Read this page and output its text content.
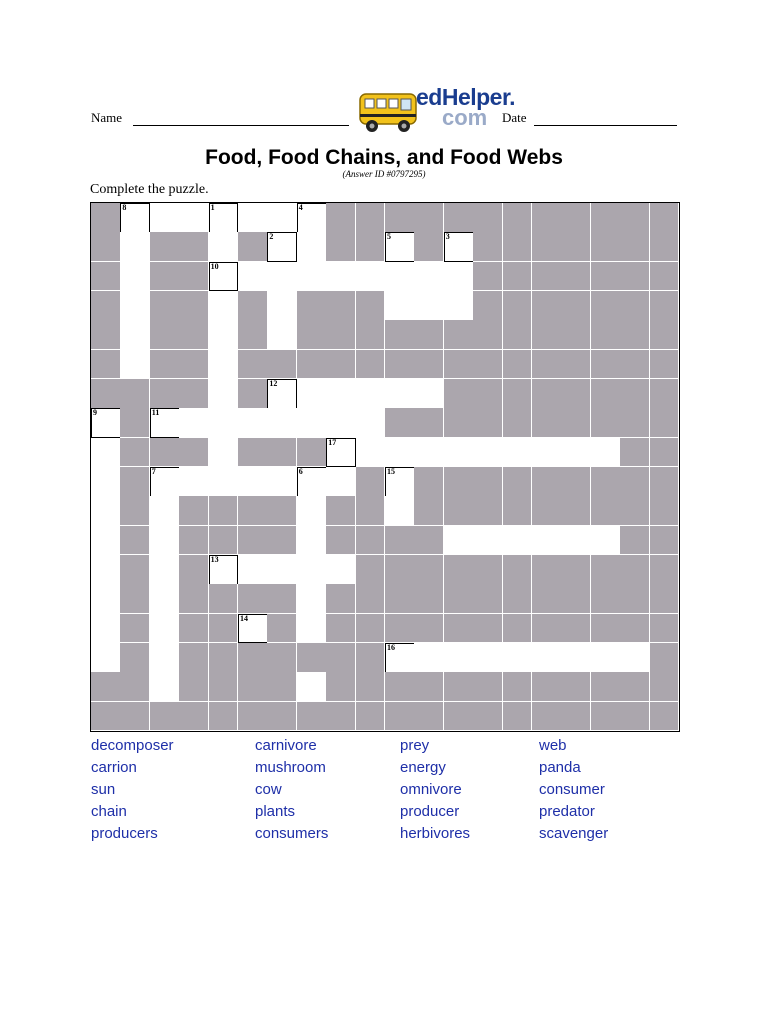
Name
edHelper.
com Date
Food, Food Chains, and Food Webs
(Answer ID #0797295)
Complete the puzzle.
8	1	4
2	5	3
10
12
9	11
17
7	6	15
13
14
16
decomposer
carrion
sun
chain
producers
carnivore
mushroom
cow
plants
consumers
prey
energy
omnivore
producer
herbivores
web
panda
consumer
predator
scavenger
